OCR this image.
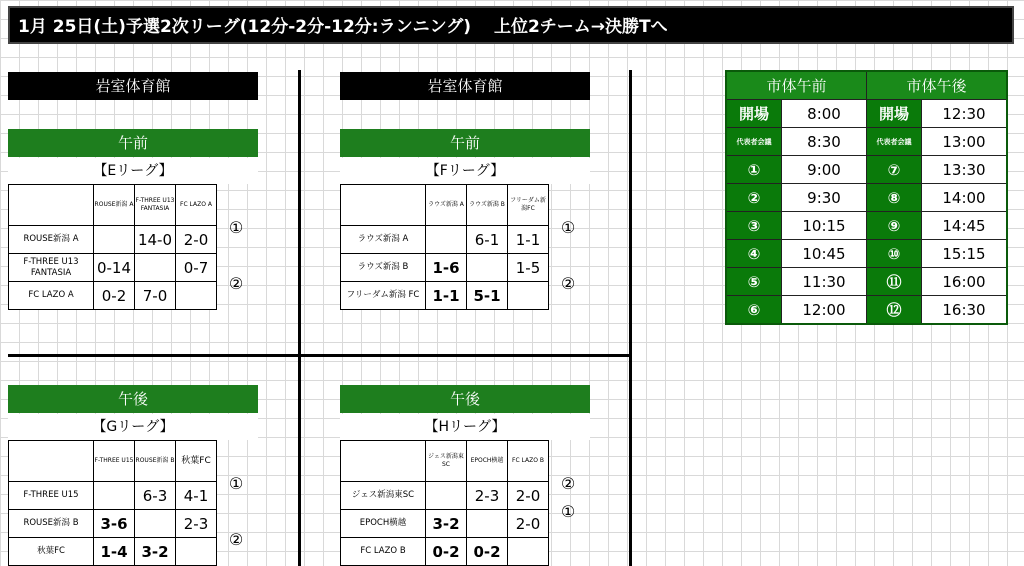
1月 25日(土)予選2次リーグ(12分-2分-12分:ランニング)　 上位2チーム→決勝Tへ
岩室体育館
午前
【Eリーグ】
	ROUSE新潟 A	F-THREE U13 FANTASIA	FC LAZO A
ROUSE新潟 A		14-0	2-0
F-THREE U13 FANTASIA	0-14		0-7
FC LAZO A	0-2	7-0	
①
②
岩室体育館
午前
【Fリーグ】
	ラウズ新潟 A	ラウズ新潟 B	フリーダム新潟FC
ラウズ新潟 A		6-1	1-1
ラウズ新潟 B	1-6		1-5
フリーダム新潟 FC	1-1	5-1	
①
②
午後
【Gリーグ】
	F-THREE U15	ROUSE新潟 B	秋葉FC
F-THREE U15		6-3	4-1
ROUSE新潟 B	3-6		2-3
秋葉FC	1-4	3-2	
①
②
午後
【Hリーグ】
	ジェス新潟東SC	EPOCH横越	FC LAZO B
ジェス新潟東SC		2-3	2-0
EPOCH横越	3-2		2-0
FC LAZO B	0-2	0-2	
②
①
市体午前		市体午後	
開場	8:00	開場	12:30
代表者会議	8:30	代表者会議	13:00
①	9:00	⑦	13:30
②	9:30	⑧	14:00
③	10:15	⑨	14:45
④	10:45	⑩	15:15
⑤	11:30	⑪	16:00
⑥	12:00	⑫	16:30
